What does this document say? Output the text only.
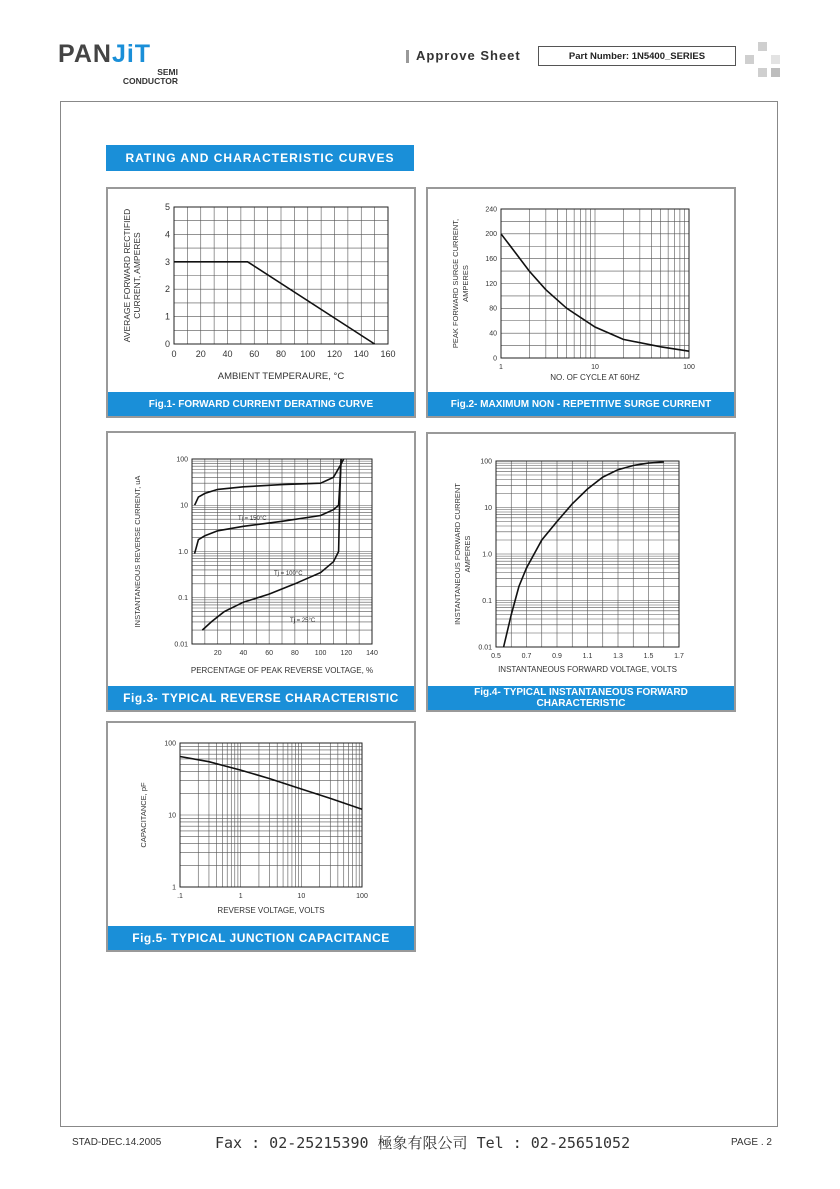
PANJiT
SEMI
CONDUCTOR
Approve Sheet	Part Number:
1N5400_SERIES
RATING AND CHARACTERISTIC CURVES
0 20 40 60 80 100 120 140 160
0
1
2
3
4
5
AMBIENT TEMPERAURE, °C
AVERAGE FORWARD RECTIFIED CURRENT, AMPERES
Fig.1- FORWARD CURRENT DERATING CURVE
1	10	100
0
40
80
120
160
200
240
NO. OF CYCLE AT 60HZ
PEAK FORWARD SURGE CURRENT, AMPERES
Fig.2- MAXIMUM NON - REPETITIVE SURGE CURRENT
20	40	60	80 100 120 140
0.01
0.1
1.0
10
100
PERCENTAGE OF PEAK REVERSE VOLTAGE, %
INSTANTANEOUS REVERSE CURRENT, uA	Tj = 150°C
Tj = 100°C
Tj = 25°C
Fig.3- TYPICAL REVERSE CHARACTERISTIC
0.5	0.7	0.9	1.1	1.3	1.5	1.7
0.01
0.1
1.0
10
100
INSTANTANEOUS FORWARD VOLTAGE, VOLTS
INSTANTANEOUS FORWARD CURRENT AMPERES
Fig.4- TYPICAL INSTANTANEOUS FORWARD CHARACTERISTIC
.1	1	10	100
1
10
100
REVERSE VOLTAGE, VOLTS
CAPACITANCE, pF
Fig.5- TYPICAL JUNCTION CAPACITANCE
STAD-DEC.14.2005	Fax : 02-25215390 極象有限公司 Tel : 02-25651052	PAGE . 2
